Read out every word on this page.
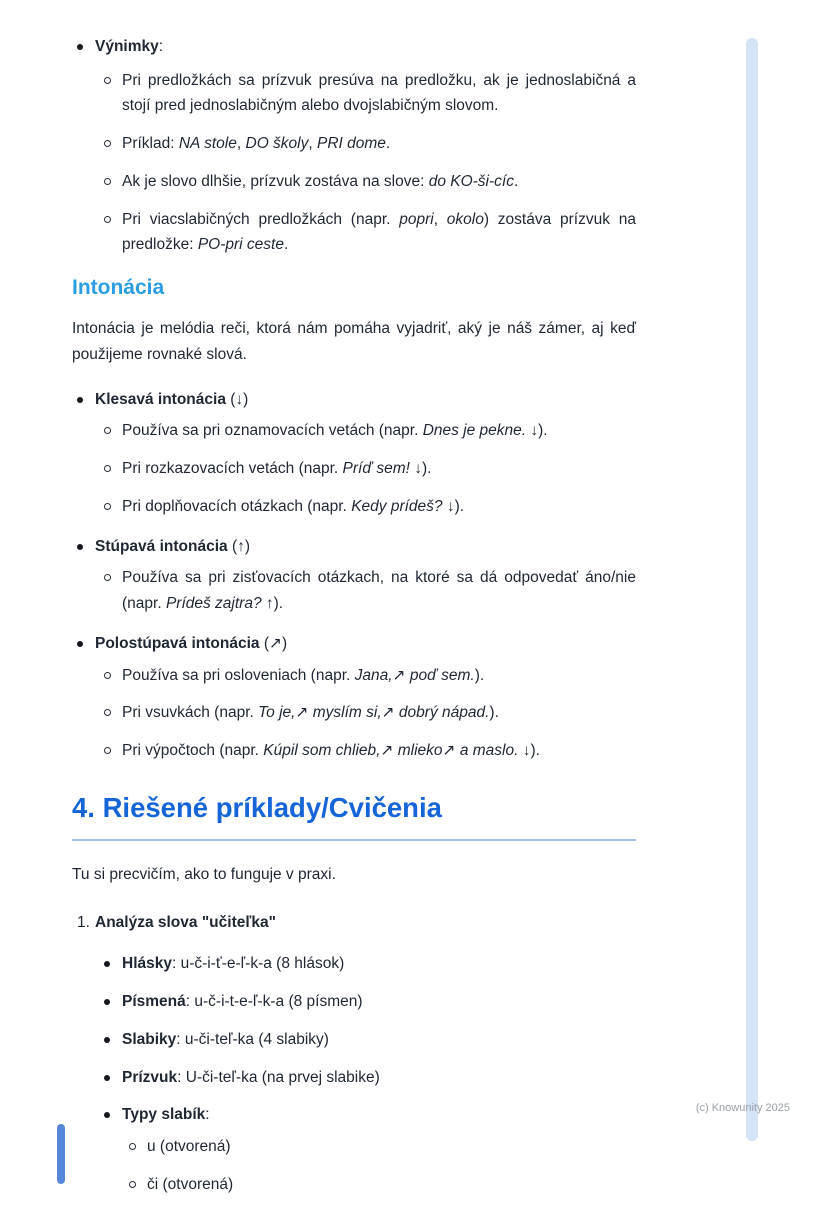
Výnimky:
Pri predložkách sa prízvuk presúva na predložku, ak je jednoslabičná a stojí pred jednoslabičným alebo dvojslabičným slovom.
Príklad: NA stole, DO školy, PRI dome.
Ak je slovo dlhšie, prízvuk zostáva na slove: do KO-ši-cíc.
Pri viacslabičných predložkách (napr. popri, okolo) zostáva prízvuk na predložke: PO-pri ceste.
Intonácia

Intonácia je melódia reči, ktorá nám pomáha vyjadriť, aký je náš zámer, aj keď použijeme rovnaké slová.

Klesavá intonácia (↓)
Používa sa pri oznamovacích vetách (napr. Dnes je pekne. ↓).
Pri rozkazovacích vetách (napr. Príď sem! ↓).
Pri doplňovacích otázkach (napr. Kedy prídeš? ↓).
Stúpavá intonácia (↑)
Používa sa pri zisťovacích otázkach, na ktoré sa dá odpovedať áno/nie (napr. Prídeš zajtra? ↑).
Polostúpavá intonácia (↗)
Používa sa pri osloveniach (napr. Jana,↗ poď sem.).
Pri vsuvkách (napr. To je,↗ myslím si,↗ dobrý nápad.).
Pri výpočtoch (napr. Kúpil som chlieb,↗ mlieko↗ a maslo. ↓).
4. Riešené príklady/Cvičenia

Tu si precvičím, ako to funguje v praxi.

1. Analýza slova "učiteľka"
Hlásky: u-č-i-ť-e-ľ-k-a (8 hlások)
Písmená: u-č-i-t-e-ľ-k-a (8 písmen)
Slabiky: u-či-teľ-ka (4 slabiky)
Prízvuk: U-či-teľ-ka (na prvej slabike)
Typy slabík:
u (otvorená)
či (otvorená)
(c) Knowunity 2025
